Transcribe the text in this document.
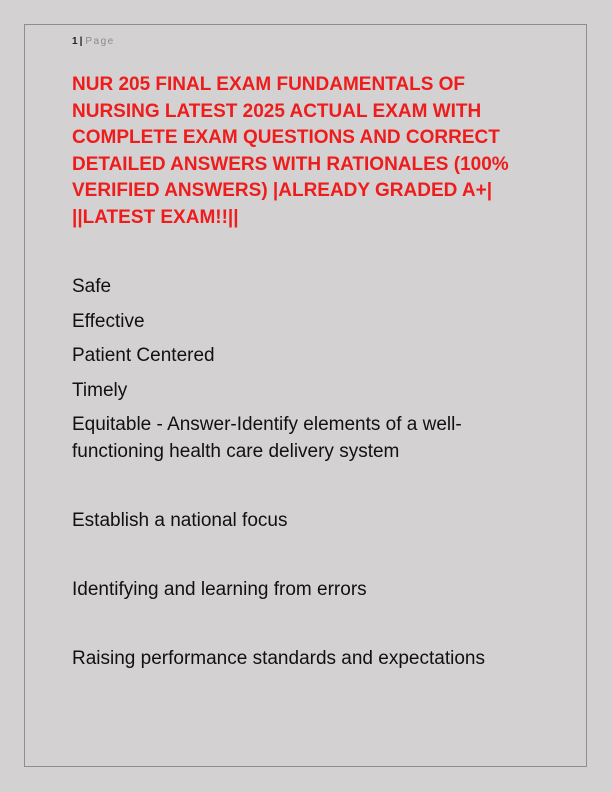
1 | Page
NUR 205 FINAL EXAM FUNDAMENTALS OF NURSING LATEST 2025 ACTUAL EXAM WITH COMPLETE EXAM QUESTIONS AND CORRECT DETAILED ANSWERS WITH RATIONALES (100% VERIFIED ANSWERS) |ALREADY GRADED A+| ||LATEST EXAM!!||

Safe

Effective

Patient Centered

Timely

Equitable - Answer-Identify elements of a well-functioning health care delivery system

Establish a national focus

Identifying and learning from errors

Raising performance standards and expectations
